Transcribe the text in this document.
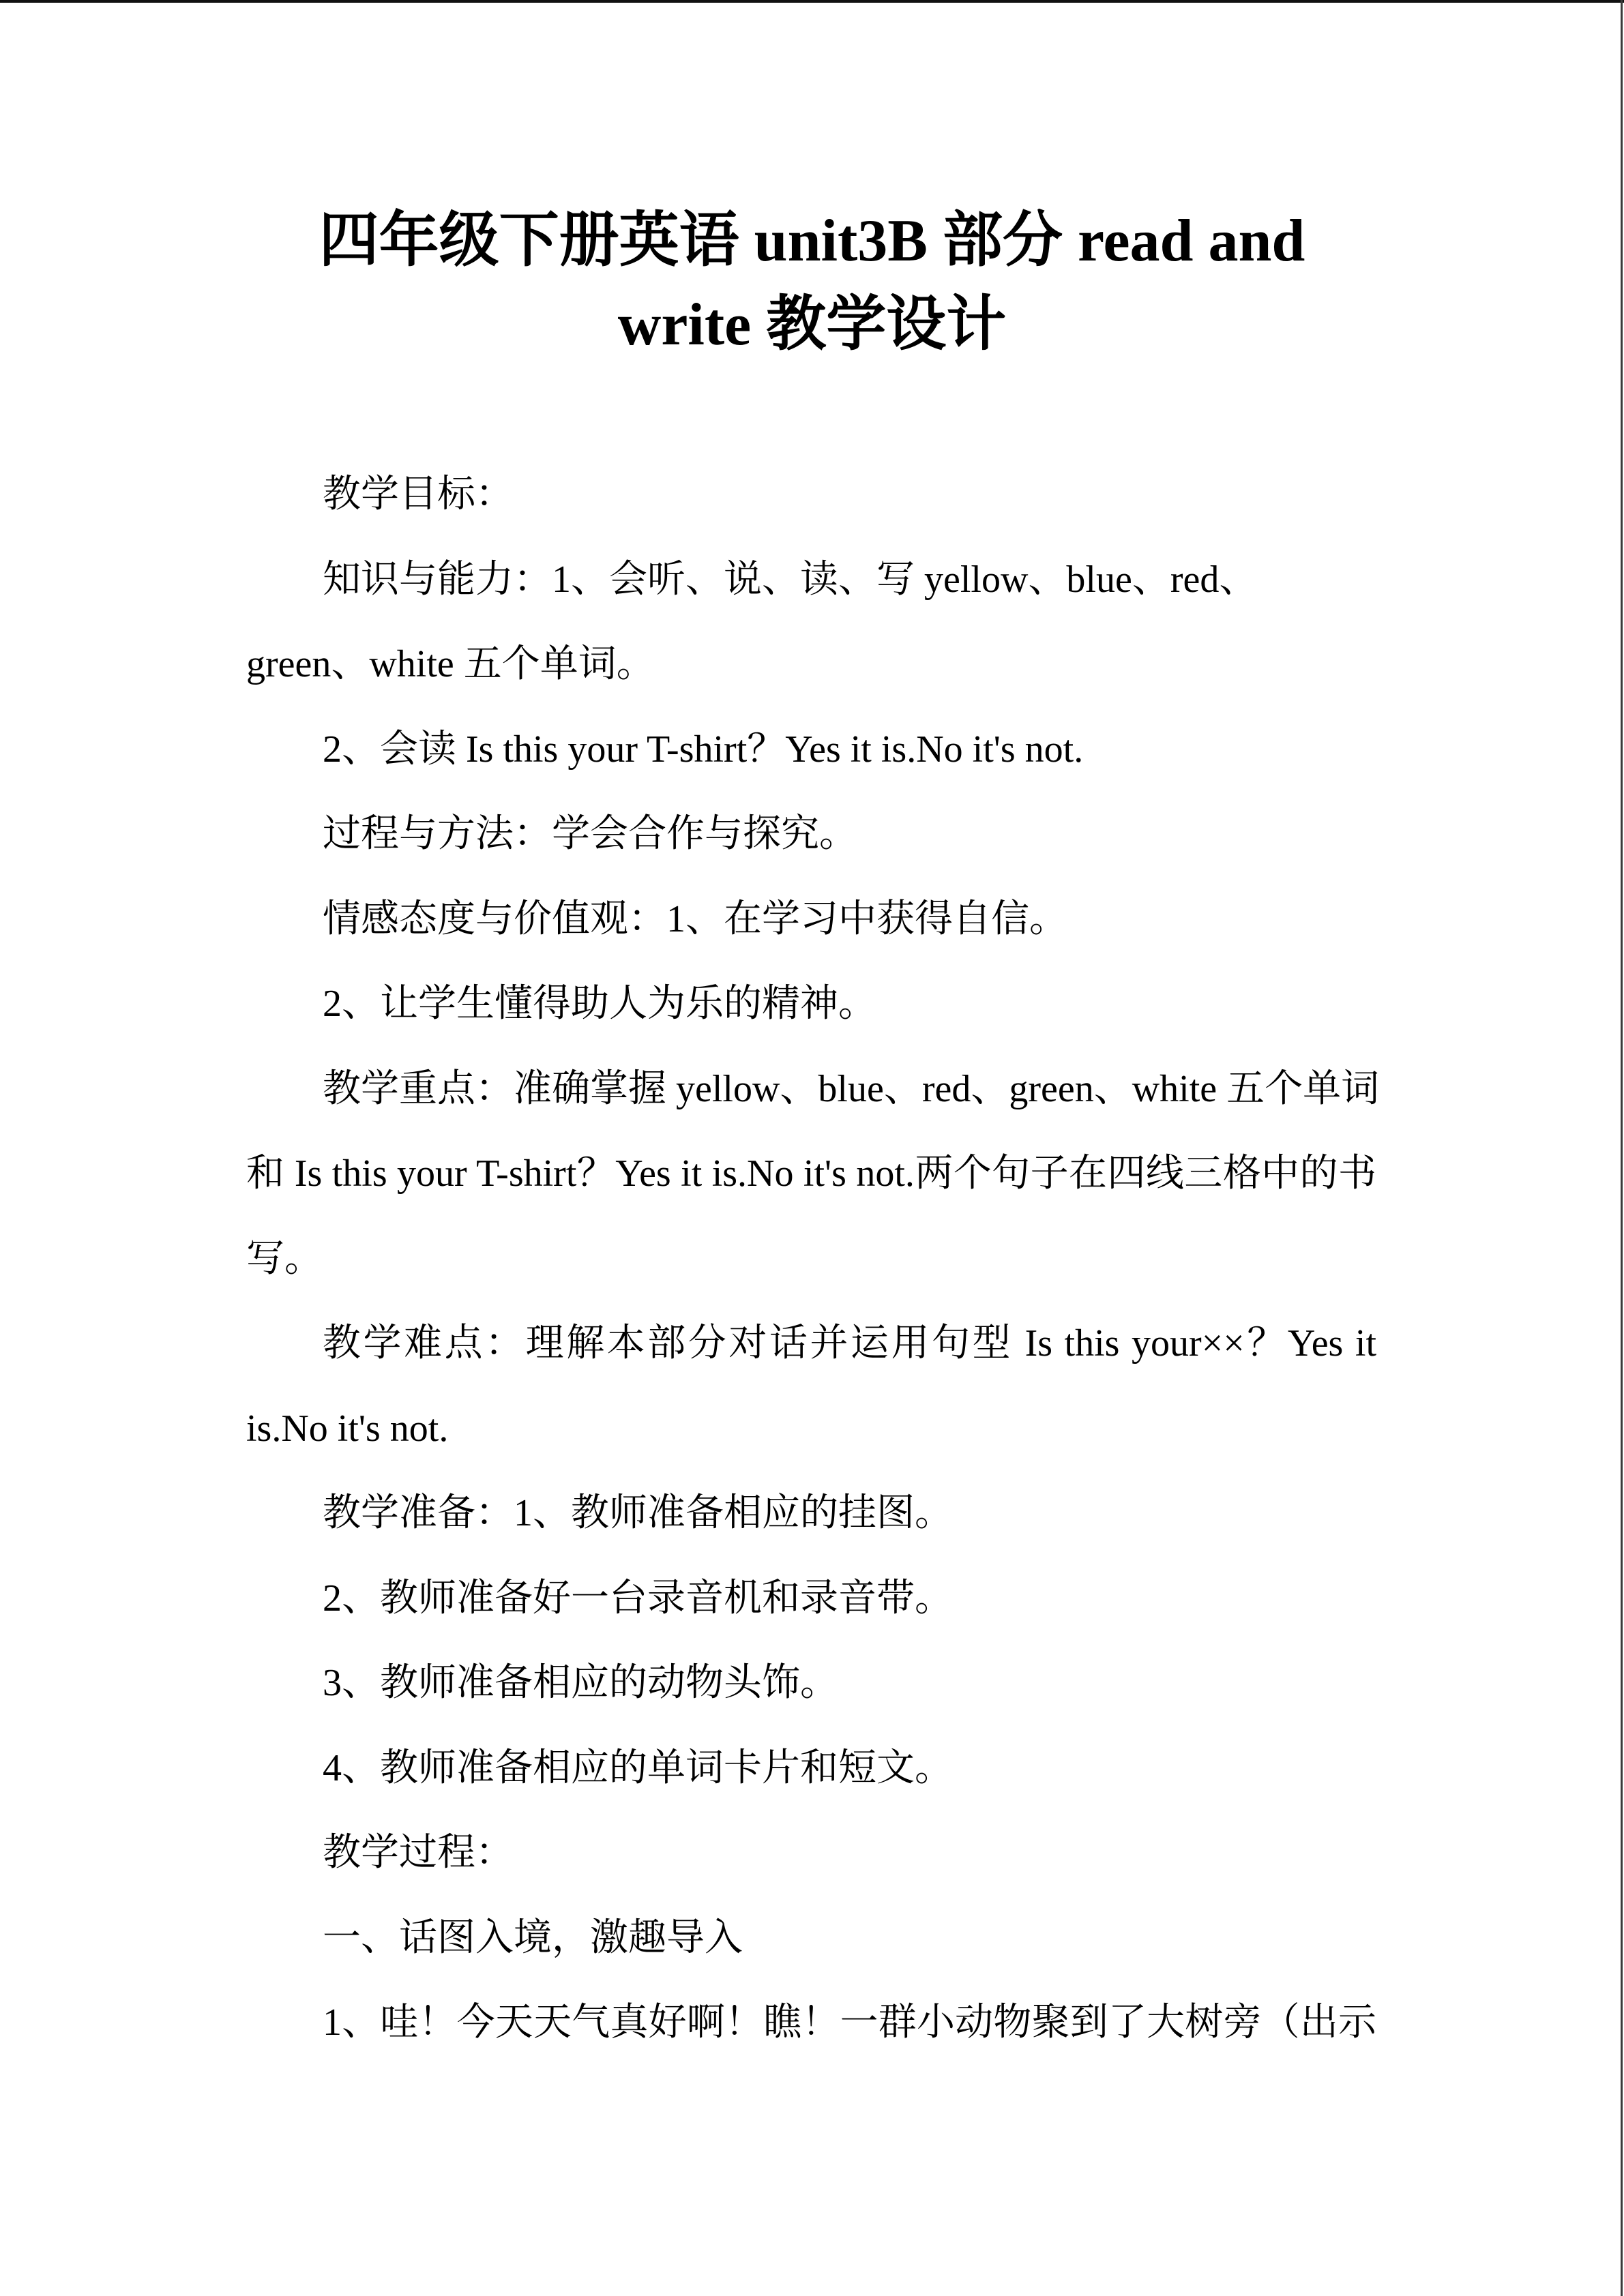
四年级下册英语 unit3B 部分 read and
write 教学设计
教学目标：
知识与能力：1、会听、说、读、写 yellow、blue、red、
green、white 五个单词。
2、会读 Is this your T-shirt？Yes it is.No it's not.
过程与方法：学会合作与探究。
情感态度与价值观：1、在学习中获得自信。
2、让学生懂得助人为乐的精神。
教学重点：准确掌握 yellow、blue、red、green、white 五个单词
和 Is this your T-shirt？Yes it is.No it's not.两个句子在四线三格中的书
写。
教学难点：理解本部分对话并运用句型 Is this your××？Yes it
is.No it's not.
教学准备：1、教师准备相应的挂图。
2、教师准备好一台录音机和录音带。
3、教师准备相应的动物头饰。
4、教师准备相应的单词卡片和短文。
教学过程：
一、话图入境，激趣导入
1、哇！今天天气真好啊！瞧！一群小动物聚到了大树旁（出示
